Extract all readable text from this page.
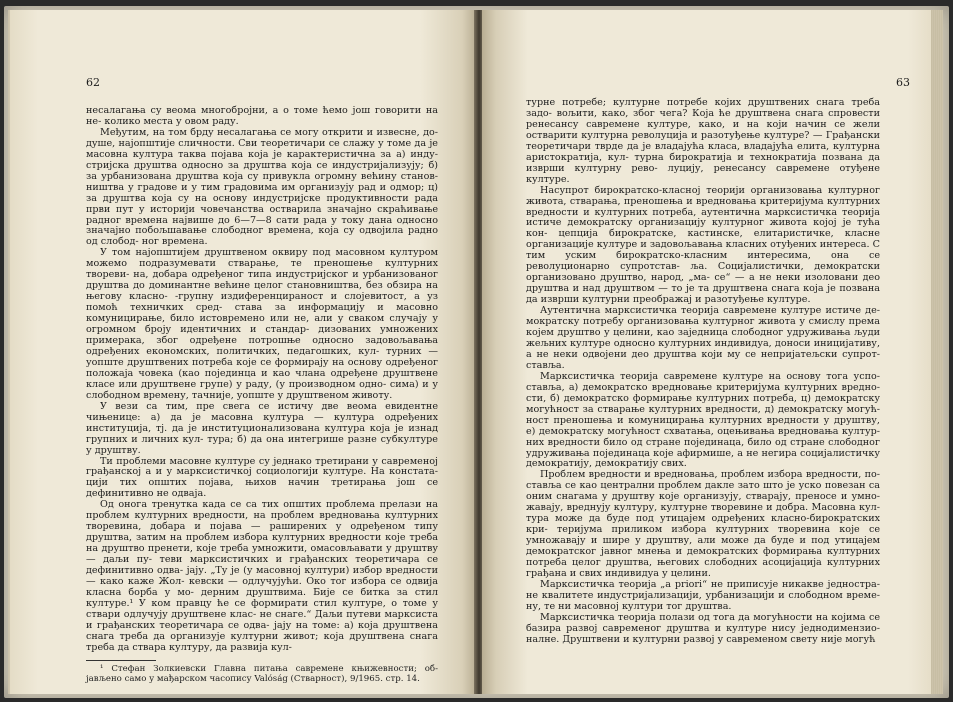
62

несалагања су веома многобројни, а о томе ћемо још говорити на не- колико места у овом раду.

Међутим, на том брду несалагања се могу открити и извесне, до- душе, најопштије сличности. Сви теоретичари се слажу у томе да је масовна култура таква појава која је карактеристична за а) инду- стријска друштва односно за друштва која се индустријализују; б) за урбанизована друштва која су привукла огромну већину станов- ништва у градове и у тим градовима им организују рад и одмор; ц) за друштва која су на основу индустријске продуктивности рада први пут у историји човечанства остварила значајно скраћивање радног времена највише до 6—7—8 сати рада у току дана односно значајно побољшавање слободног времена, која су одвојила радно од слобод- ног времена.

У том најопштијем друштвеном оквиру под масовном културом можемо подразумевати стварање, те преношење културних твореви- на, добара одређеног типа индустријског и урбанизованог друштва до доминантне већине целог становништва, без обзира на његову класно- -групну издиференцираност и слојевитост, а уз помоћ техничких сред- става за информацију и масовно комуницирање, било истовремено или не, али у сваком случају у огромном броју идентичних и стандар- дизованих умножених примерака, због одређене потрошње односно задовољавања одређених економских, политичких, педагошких, кул- турних — уопште друштвених потреба које се формирају на основу одређеног положаја човека (као појединца и као члана одређене друштвене класе или друштвене групе) у раду, (у производном одно- сима) и у слободном времену, тачније, уопште у друштвеном животу.

У вези са тим, пре свега се истичу две веома евидентне чињенице: а) да је масовна култура — култура одређених институција, тј. да је институционализована култура која је изнад групних и личних кул- тура; б) да она интегрише разне субкултуре у друштву.

Ти проблеми масовне културе су једнако третирани у савременој грађанској а и у марксистичкој социологији културе. На констата- цији тих општих појава, њихов начин третирања још се дефинитивно не одваја.

Од онога тренутка када се са тих општих проблема прелази на проблем културних вредности, на проблем вредновања културних творевина, добара и појава — раширених у одређеном типу друштва, затим на проблем избора културних вредности које треба на друштво пренети, које треба умножити, омасовљавати у друштву — даљи пу- теви марксистичких и грађанских теоретичара се дефинитивно одва- јају. „Ту је (у масовној култури) избор вредности — како каже Жол- кевски — одлучујући. Око тог избора се одвија класна борба у мо- дерним друштвима. Бије се битка за стил културе.¹ У ком правцу ће се формирати стил културе, о томе у ствари одлучују друштвене клас- не снаге.“ Даљи путеви марксиста и грађанских теоретичара се одва- јају на томе: а) која друштвена снага треба да организује културни живот; која друштвена снага треба да ствара културу, да развија кул-

¹ Стефан Золкиевски Главна питања савремене књижевности; об- јављено само у мађарском часопису Valóság (Стварност), 9/1965. стр. 14.

63

турне потребе; културне потребе којих друштвених снага треба задо- вољити, како, због чега? Која ће друштвена снага спровести ренесансу савремене културе, како, и на који начин се жели остварити културна револуција и разотуђење културе? — Грађански теоретичари тврде да је владајућа класа, владајућа елита, културна аристократија, кул- турна бирократија и технократија позвана да изврши културну рево- луцију, ренесансу савремене отуђене културе.

Насупрот бирократско-класној теорији организовања културног живота, стварања, преношења и вредновања критеријума културних вредности и културних потреба, аутентична марксистичка теорија истиче демократску организацију културног живота којој је тућа кон- цепција бирократске, кастинске, елитаристичке, класне организације културе и задовољавања класних отуђених интереса. С тим уским бирократско-класним интересима, она се револуционарно супротстав- ља. Социјалистички, демократски организовано друштво, народ, „ма- се“ — а не неки изоловани део друштва и над друштвом — то је та друштвена снага која је позвана да изврши културни преображај и разотуђење културе.

Аутентична марксистичка теорија савремене културе истиче де- мократску потребу организовања културног живота у смислу према којем друштво у целини, као заједница слободног удруживања људи жељних културе односно културних индивидуа, доноси иницијативу, а не неки одвојени део друштва који му се непријатељски супрот- ставља.

Марксистичка теорија савремене културе на основу тога успо- ставља, а) демократско вредновање критеријума културних вредно- сти, б) демократско формирање културних потреба, ц) демократску могућност за стварање културних вредности, д) демократску могућ- ност преношења и комуницирања културних вредности у друштву, е) демократску могућност схватања, оцењивања вредновања култур- них вредности било од стране појединаца, било од стране слободног удруживања појединаца које афирмише, а не негира социјалистичку демократију, демократију свих.

Проблем вредности и вредновања, проблем избора вредности, по- ставља се као централни проблем дакле зато што је уско повезан са оним снагама у друштву које организују, стварају, преносе и умно- жавају, вреднују културу, културне творевине и добра. Масовна кул- тура може да буде под утицајем одређених класно-бирократских кри- теријума приликом избора културних творевина које се умножавају и шире у друштву, али може да буде и под утицајем демократског јавног мнења и демократских формирања културних потреба целог друштва, његових слободних асоцијација културних грађана и свих индивидуа у целини.

Марксистичка теорија „а priori“ не приписује никакве једностра- не квалитете индустријализацији, урбанизацији и слободном време- ну, те ни масовној култури тог друштва.

Марксистичка теорија полази од тога да могућности на којима се базира развој савременог друштва и културе нису једнодимензио- налне. Друштвени и културни развој у савременом свету није могућ
